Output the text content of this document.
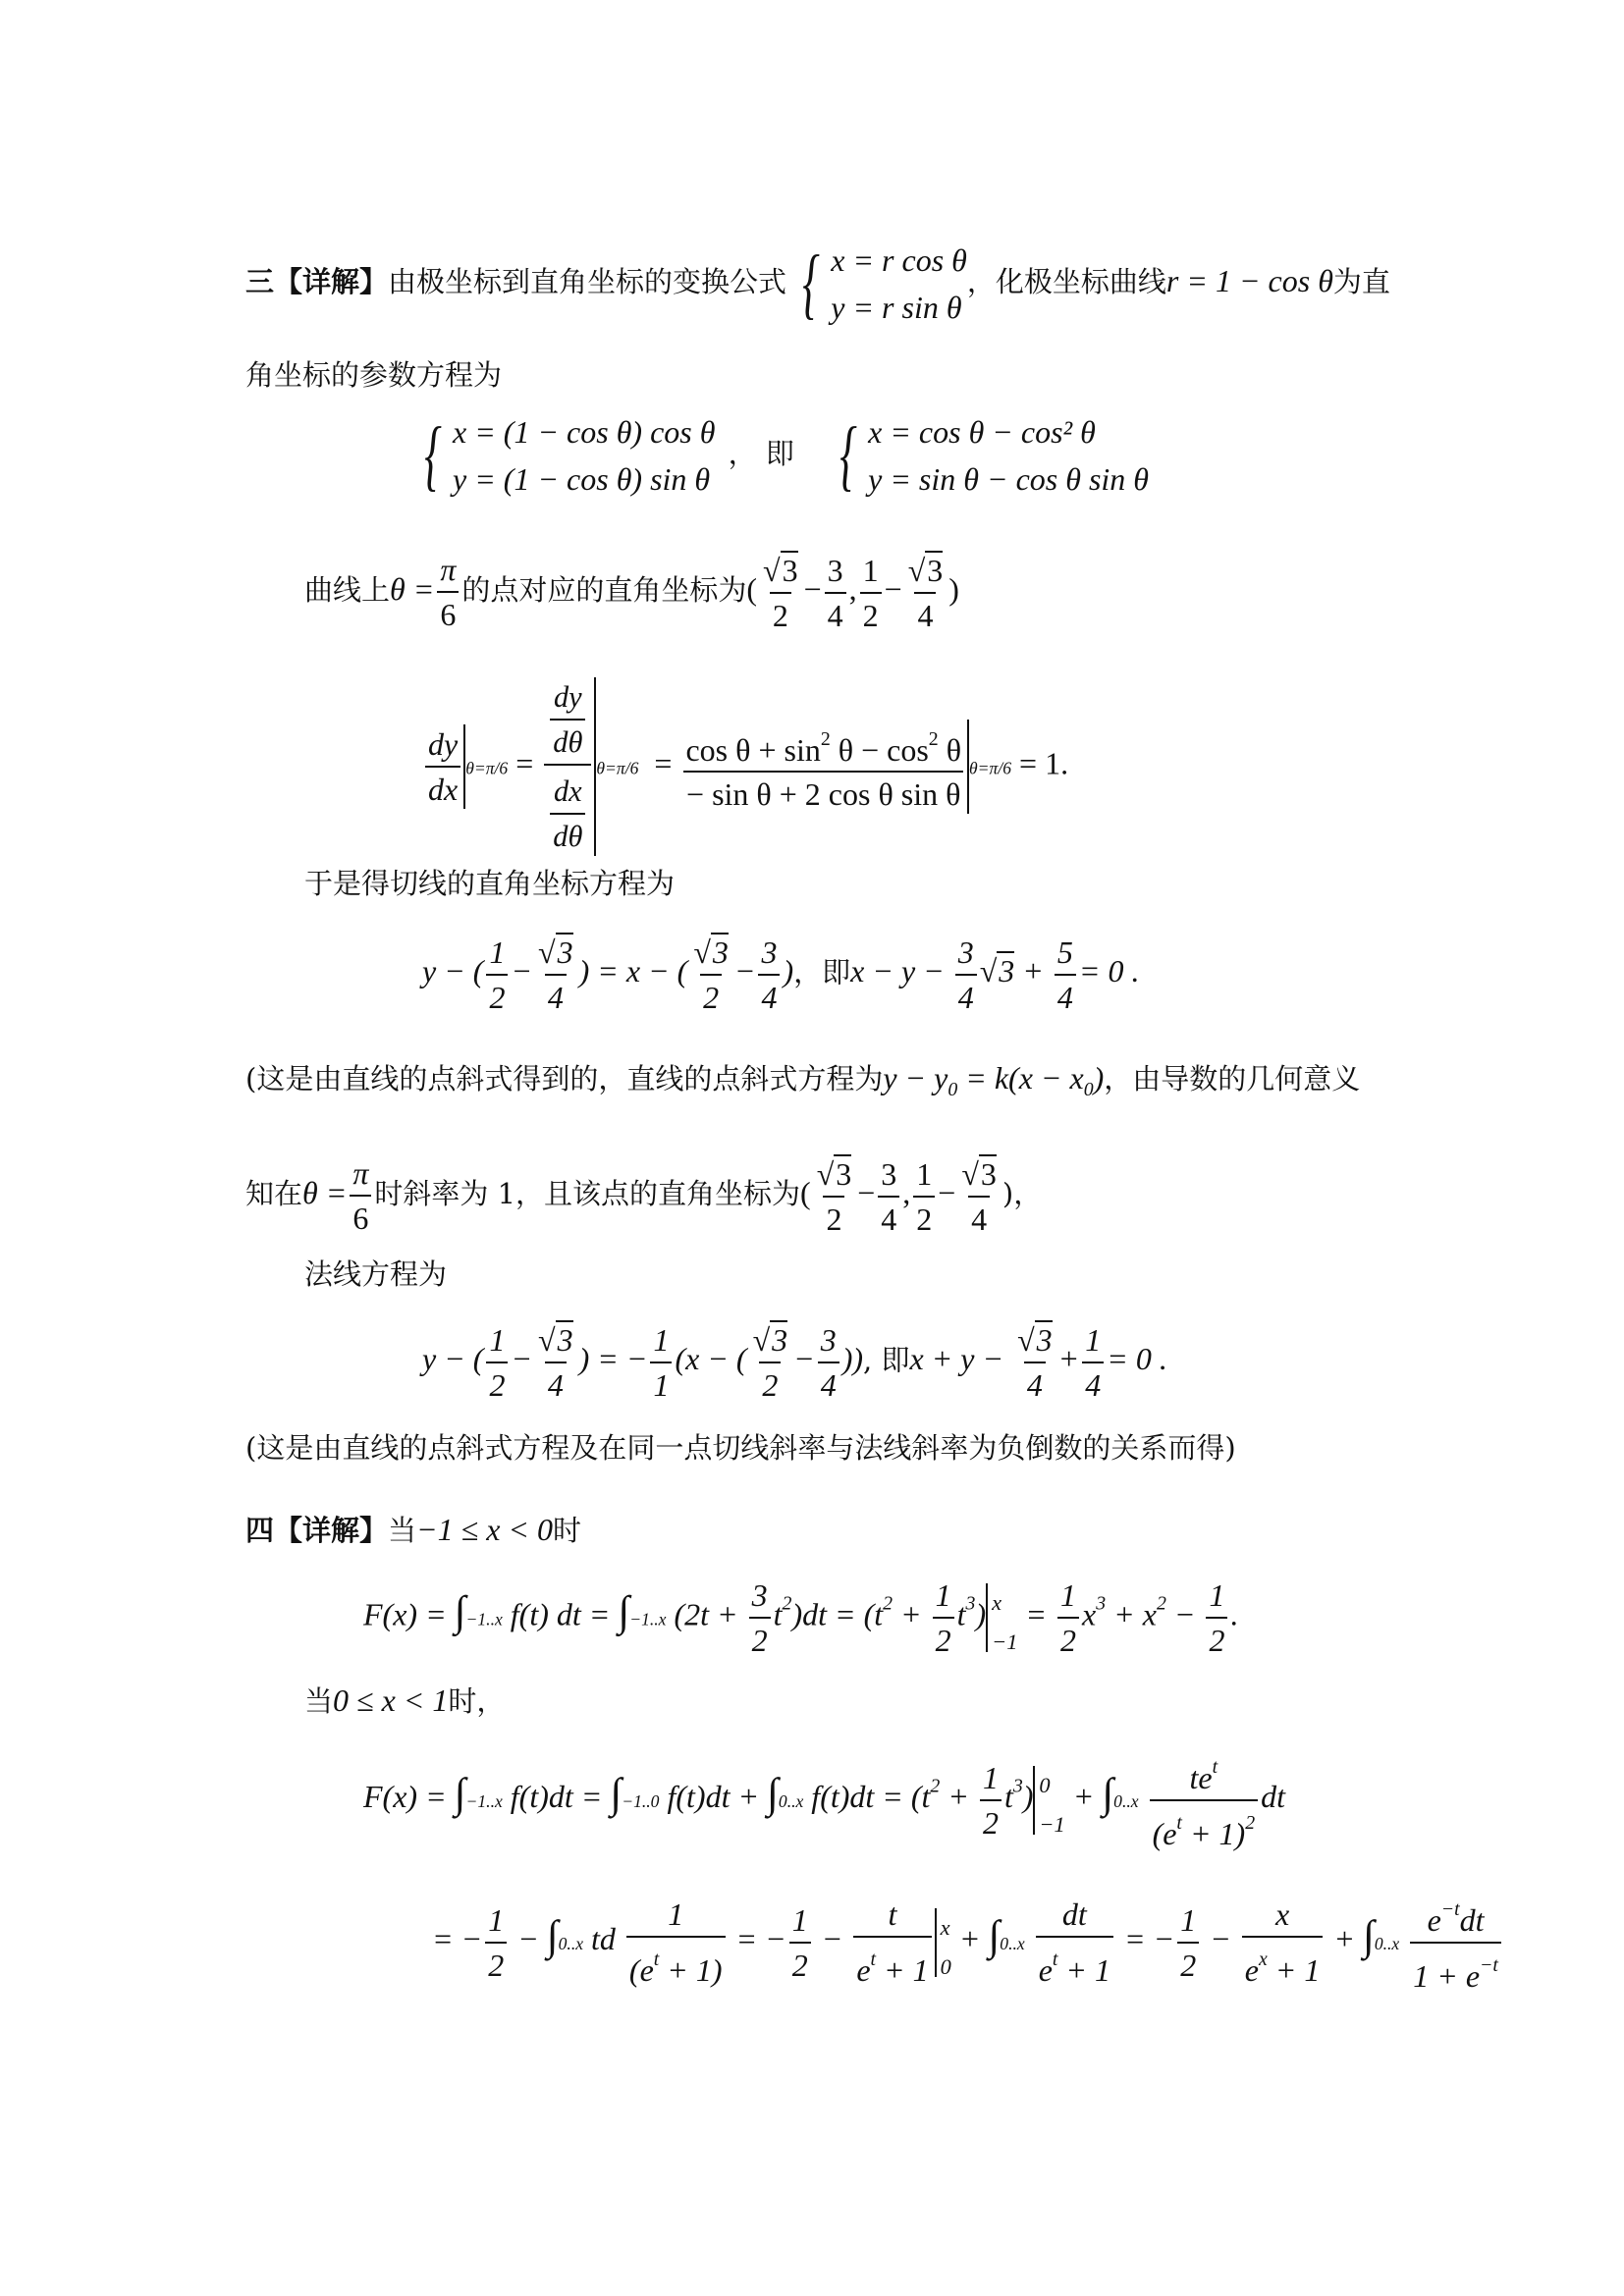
三【详解】由极坐标到直角坐标的变换公式 { x = r cos θ
y = r sin θ
，化极坐标曲线r = 1 − cos θ为直
角坐标的参数方程为
{ x = (1 − cos θ) cos θ
y = (1 − cos θ) sin θ
， 即 { x = cos θ − cos² θ
y = sin θ − cos θ sin θ
曲线上$\theta = \frac{\pi}{6}$ 的点对应的直角坐标为( $\frac{√3}{2} - \frac{3}{4}$ , $\frac{1}{2} - \frac{√3}{4}$ )
$\frac{dy}{dx} \theta=\pi/6 = \frac{\frac{dy}{d\theta}}{\frac{dx}{d\theta}} \theta=\pi/6 = \frac{\cos \theta + \sin^2 \theta - \cos^2 \theta}{\text{− sin θ + 2 cos θ sin θ}} \theta=\pi/6 = 1$.
于是得切线的直角坐标方程为
y − ( $\frac{1}{2} - \frac{√3}{4}$ ) = x − ( $\frac{√3}{2} - \frac{3}{4}$ )，即$x - y - \frac{3}{4} √3 + \frac{5}{4} = 0$ .
(这是由直线的点斜式得到的，直线的点斜式方程为$y - y_0 = k(x - x_0)$，由导数的几何意义
知在$\theta = \frac{\pi}{6}$ 时斜率为 1，且该点的直角坐标为( $\frac{√3}{2} - \frac{3}{4}$ , $\frac{1}{2} - \frac{√3}{4}$ )，
法线方程为
y − ( $\frac{1}{2} - \frac{√3}{4}$ ) = − $\frac{1}{1} (x$ − ( $\frac{√3}{2} - \frac{3}{4}$ )), 即$x + y - \frac{√3}{4} + \frac{1}{4} = 0$ .
(这是由直线的点斜式方程及在同一点切线斜率与法线斜率为负倒数的关系而得)
四【详解】当−1 ≤ x < 0时
F(x) = ∫−1..x f(t) dt = ∫−1..x $(2t + \frac{3}{2} t^2)dt = (t^2 + \frac{1}{2} t^3)$ x
−1
= $\frac{1}{2} x^3 + x^2 - \frac{1}{2}$ .
当0 ≤ x < 1时，
F(x) = ∫−1..x f(t)dt = ∫−1..0 f(t)dt + ∫0..x $f(t)dt = (t^2 + \frac{1}{2} t^3)$ 0
−1
+ $\int 0..x \frac{te^t}{(e^t + 1)^2}$ dt
= − $\frac{1}{2} - \int 0..x$ td $\frac{1}{(e^t + 1)}$ = − $\frac{1}{2} - \frac{t}{e^t + 1}$ x
0
+ $\int 0..x \frac{dt}{e^t + 1}$ = − $\frac{1}{2} - \frac{x}{e^x + 1} + \int 0..x \frac{e^{-t}dt}{1 + e^{-t}}$
